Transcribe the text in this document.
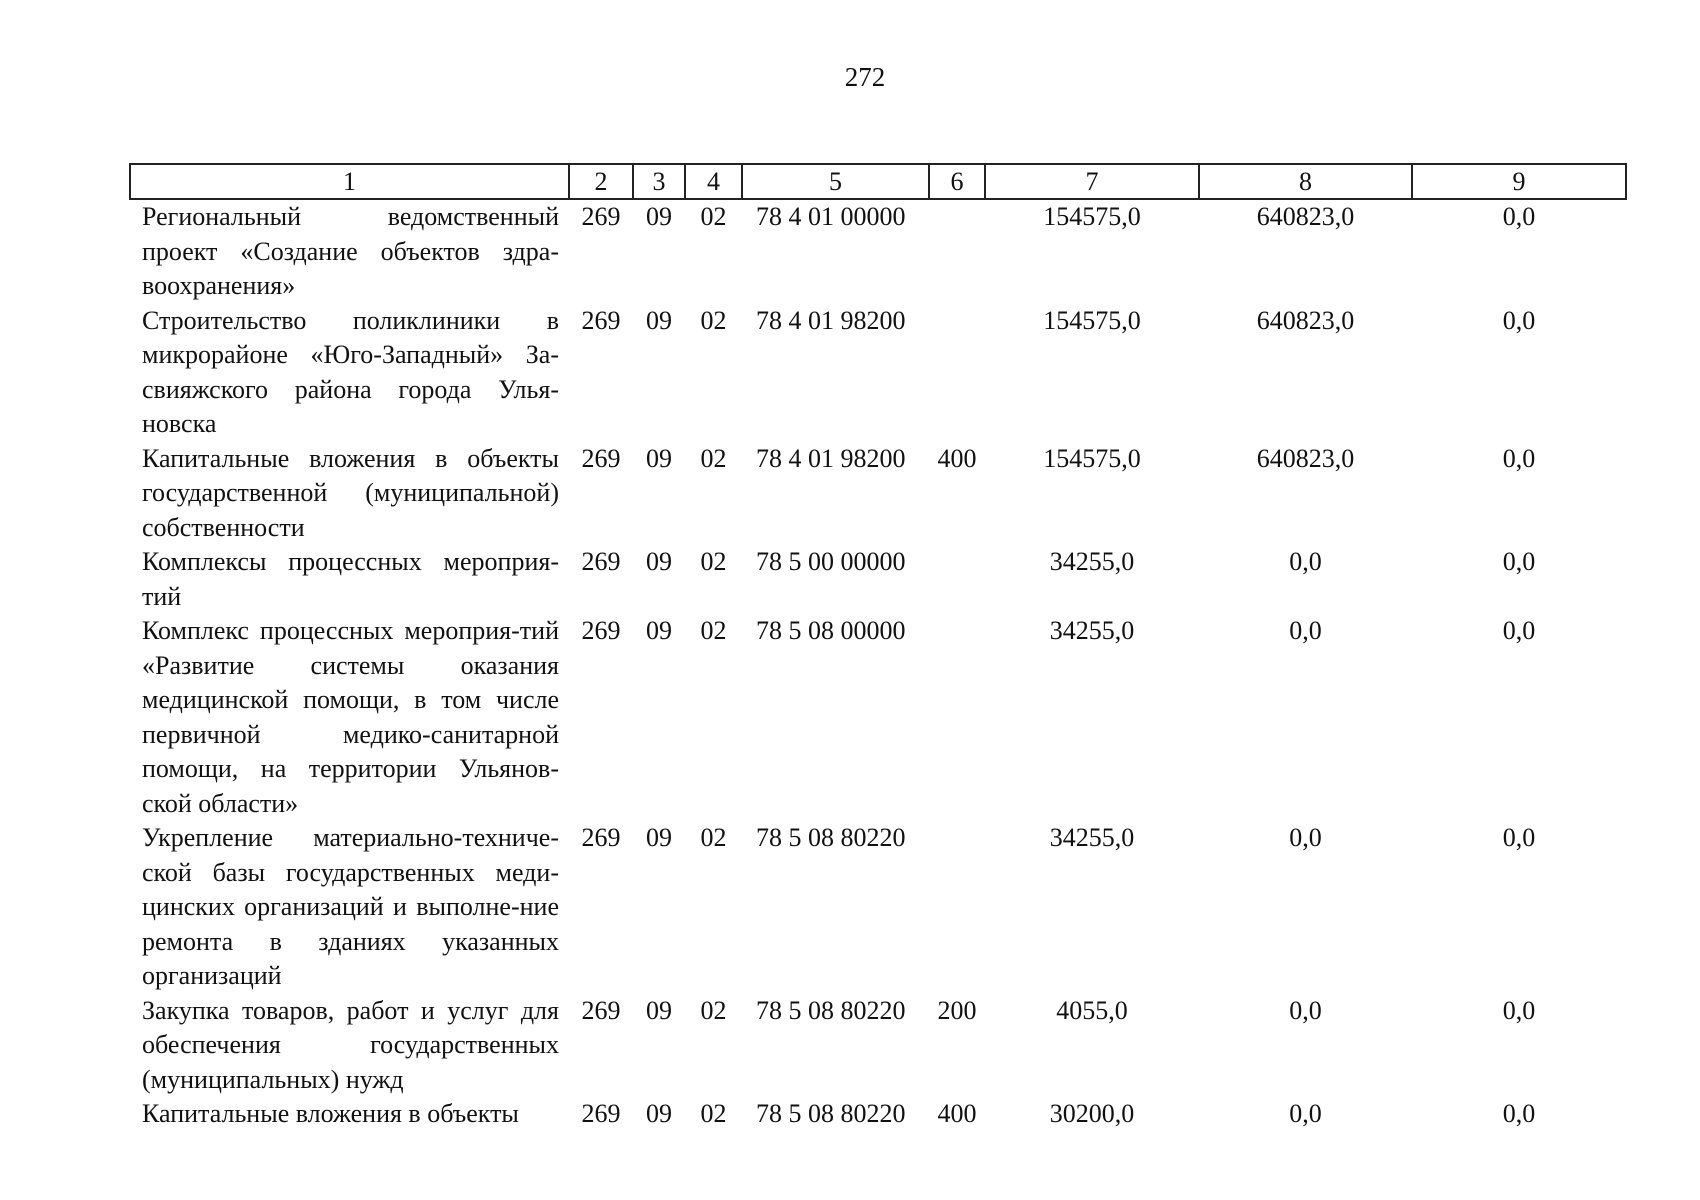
272
1	2	3	4	5	6	7	8	9
Региональный ведомственный проект «Создание объектов здра-воохранения»	269	09	02	78 4 01 00000		154575,0	640823,0	0,0
Строительство поликлиники в микрорайоне «Юго-Западный» За-свияжского района города Улья-новска	269	09	02	78 4 01 98200		154575,0	640823,0	0,0
Капитальные вложения в объекты государственной (муниципальной) собственности	269	09	02	78 4 01 98200	400	154575,0	640823,0	0,0
Комплексы процессных мероприя-тий	269	09	02	78 5 00 00000		34255,0	0,0	0,0
Комплекс процессных мероприя-тий «Развитие системы оказания медицинской помощи, в том числе первичной медико-санитарной помощи, на территории Ульянов-ской области»	269	09	02	78 5 08 00000		34255,0	0,0	0,0
Укрепление материально-техниче-ской базы государственных меди-цинских организаций и выполне-ние ремонта в зданиях указанных организаций	269	09	02	78 5 08 80220		34255,0	0,0	0,0
Закупка товаров, работ и услуг для обеспечения государственных (муниципальных) нужд	269	09	02	78 5 08 80220	200	4055,0	0,0	0,0
Капитальные вложения в объекты	269	09	02	78 5 08 80220	400	30200,0	0,0	0,0
